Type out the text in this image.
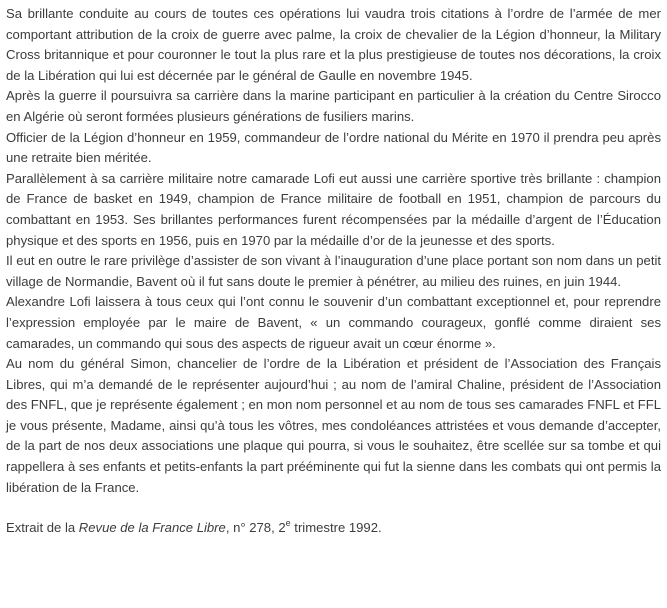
Sa brillante conduite au cours de toutes ces opérations lui vaudra trois citations à l’ordre de l’armée de mer comportant attribution de la croix de guerre avec palme, la croix de chevalier de la Légion d’honneur, la Military Cross britannique et pour couronner le tout la plus rare et la plus prestigieuse de toutes nos décorations, la croix de la Libération qui lui est décernée par le général de Gaulle en novembre 1945.

Après la guerre il poursuivra sa carrière dans la marine participant en particulier à la création du Centre Sirocco en Algérie où seront formées plusieurs générations de fusiliers marins.

Officier de la Légion d’honneur en 1959, commandeur de l’ordre national du Mérite en 1970 il prendra peu après une retraite bien méritée.

Parallèlement à sa carrière militaire notre camarade Lofi eut aussi une carrière sportive très brillante : champion de France de basket en 1949, champion de France militaire de football en 1951, champion de parcours du combattant en 1953. Ses brillantes performances furent récompensées par la médaille d’argent de l’Éducation physique et des sports en 1956, puis en 1970 par la médaille d’or de la jeunesse et des sports.

Il eut en outre le rare privilège d’assister de son vivant à l’inauguration d’une place portant son nom dans un petit village de Normandie, Bavent où il fut sans doute le premier à pénétrer, au milieu des ruines, en juin 1944.

Alexandre Lofi laissera à tous ceux qui l’ont connu le souvenir d’un combattant exceptionnel et, pour reprendre l’expression employée par le maire de Bavent, « un commando courageux, gonflé comme diraient ses camarades, un commando qui sous des aspects de rigueur avait un cœur énorme ».

Au nom du général Simon, chancelier de l’ordre de la Libération et président de l’Association des Français Libres, qui m’a demandé de le représenter aujourd’hui ; au nom de l’amiral Chaline, président de l’Association des FNFL, que je représente également ; en mon nom personnel et au nom de tous ses camarades FNFL et FFL je vous présente, Madame, ainsi qu’à tous les vôtres, mes condoléances attristées et vous demande d’accepter, de la part de nos deux associations une plaque qui pourra, si vous le souhaitez, être scellée sur sa tombe et qui rappellera à ses enfants et petits-enfants la part prééminente qui fut la sienne dans les combats qui ont permis la libération de la France.

Extrait de la Revue de la France Libre, n° 278, 2e trimestre 1992.
